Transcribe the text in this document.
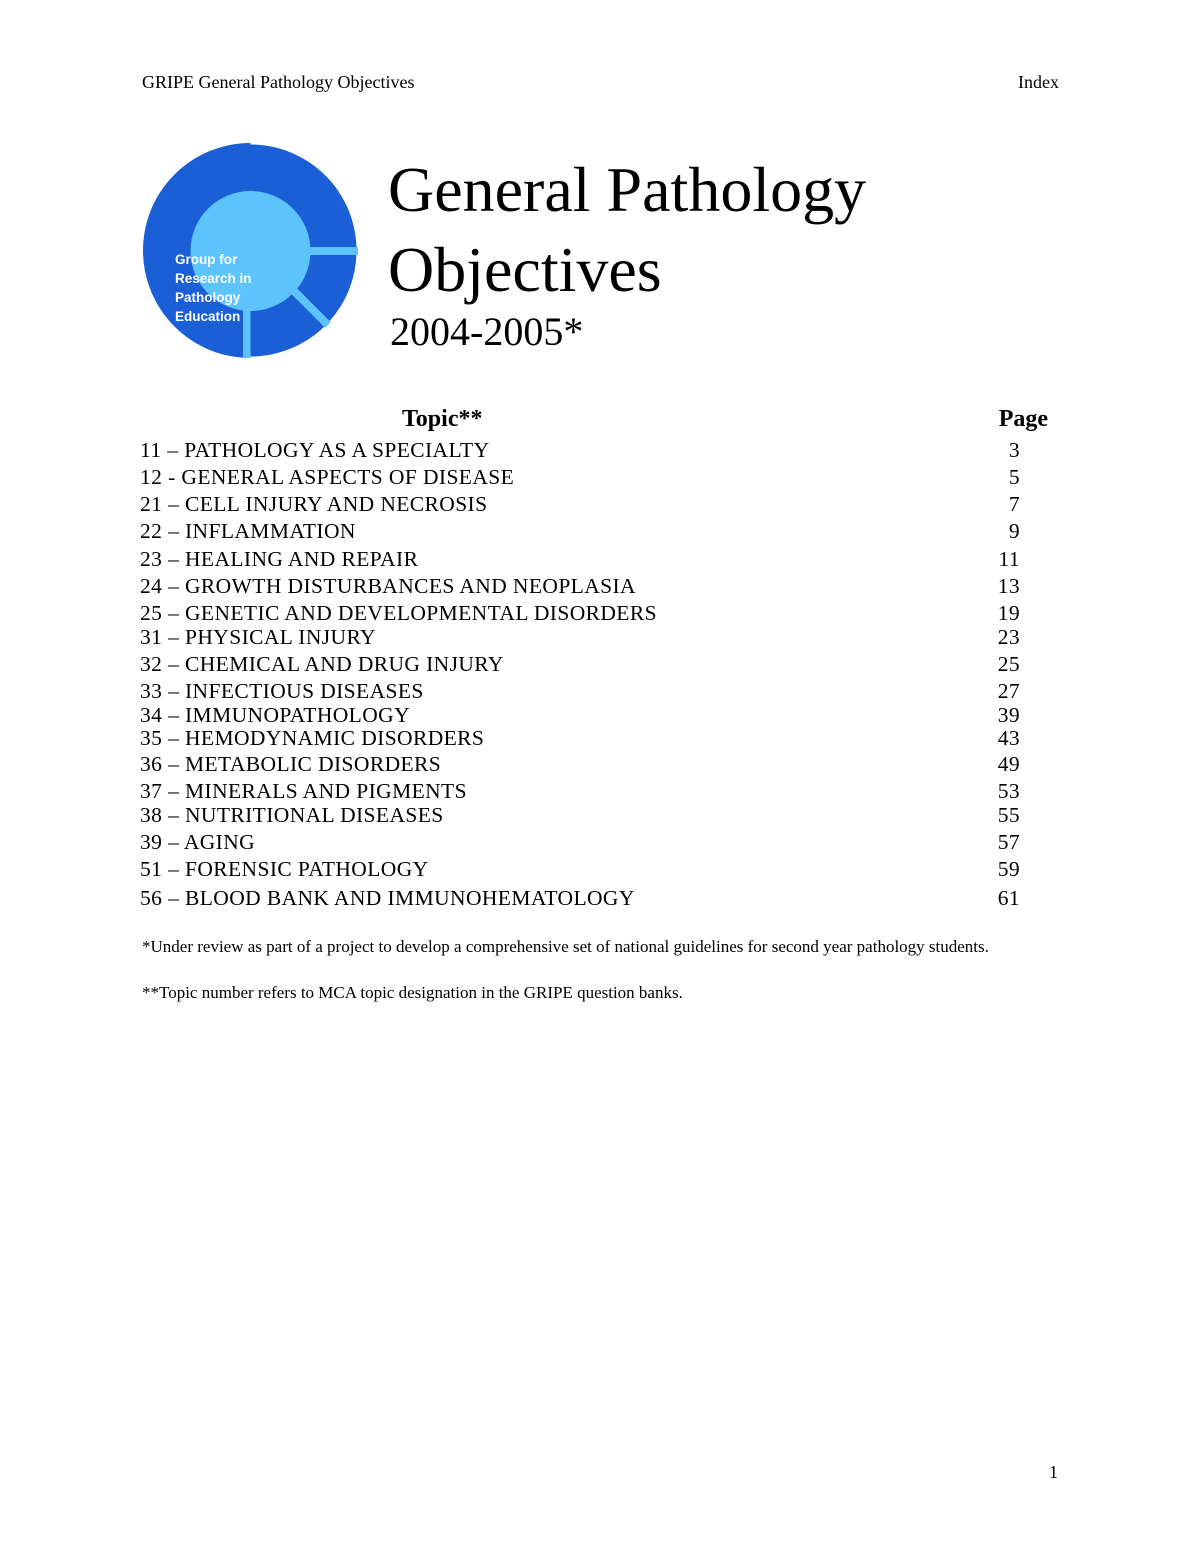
GRIPE General Pathology Objectives	Index
Group for
Research in
Pathology
Education
General Pathology
Objectives
2004-2005*
Topic**	Page
11 – PATHOLOGY AS A SPECIALTY	3
12 - GENERAL ASPECTS OF DISEASE	5
21 – CELL INJURY AND NECROSIS	7
22 – INFLAMMATION	9
23 – HEALING AND REPAIR	11
24 – GROWTH DISTURBANCES AND NEOPLASIA	13
25 – GENETIC AND DEVELOPMENTAL DISORDERS	19
31 – PHYSICAL INJURY	23
32 – CHEMICAL AND DRUG INJURY	25
33 – INFECTIOUS DISEASES	27
34 – IMMUNOPATHOLOGY	39
35 – HEMODYNAMIC DISORDERS	43
36 – METABOLIC DISORDERS	49
37 – MINERALS AND PIGMENTS	53
38 – NUTRITIONAL DISEASES	55
39 – AGING	57
51 – FORENSIC PATHOLOGY	59
56 – BLOOD BANK AND IMMUNOHEMATOLOGY	61
*Under review as part of a project to develop a comprehensive set of national guidelines for second year pathology students.
**Topic number refers to MCA topic designation in the GRIPE question banks.
1
